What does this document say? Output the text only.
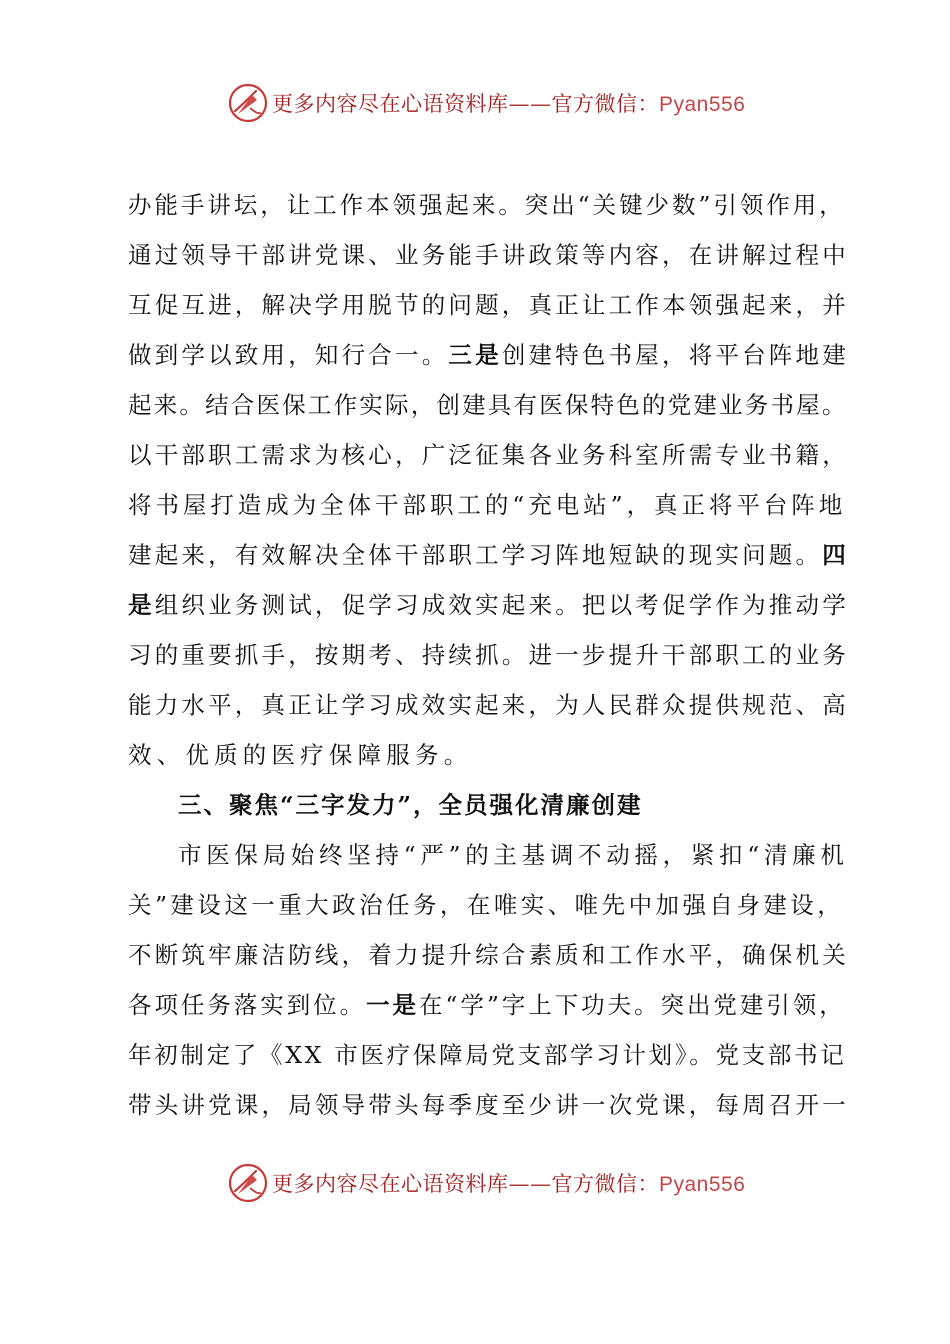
更多内容尽在心语资料库——官方微信：Pyan556
办能手讲坛，让工作本领强起来。突出“关键少数”引领作用，
通过领导干部讲党课、业务能手讲政策等内容，在讲解过程中
互促互进，解决学用脱节的问题，真正让工作本领强起来，并
做到学以致用，知行合一。三是创建特色书屋，将平台阵地建
起来。结合医保工作实际，创建具有医保特色的党建业务书屋。
以干部职工需求为核心，广泛征集各业务科室所需专业书籍，
将书屋打造成为全体干部职工的“充电站”，真正将平台阵地
建起来，有效解决全体干部职工学习阵地短缺的现实问题。四
是组织业务测试，促学习成效实起来。把以考促学作为推动学
习的重要抓手，按期考、持续抓。进一步提升干部职工的业务
能力水平，真正让学习成效实起来，为人民群众提供规范、高
效、优质的医疗保障服务。
三、聚焦“三字发力”，全员强化清廉创建
市医保局始终坚持“严”的主基调不动摇，紧扣“清廉机
关”建设这一重大政治任务，在唯实、唯先中加强自身建设，
不断筑牢廉洁防线，着力提升综合素质和工作水平，确保机关
各项任务落实到位。一是在“学”字上下功夫。突出党建引领，
年初制定了《XX 市医疗保障局党支部学习计划》。党支部书记
带头讲党课，局领导带头每季度至少讲一次党课，每周召开一
更多内容尽在心语资料库——官方微信：Pyan556
